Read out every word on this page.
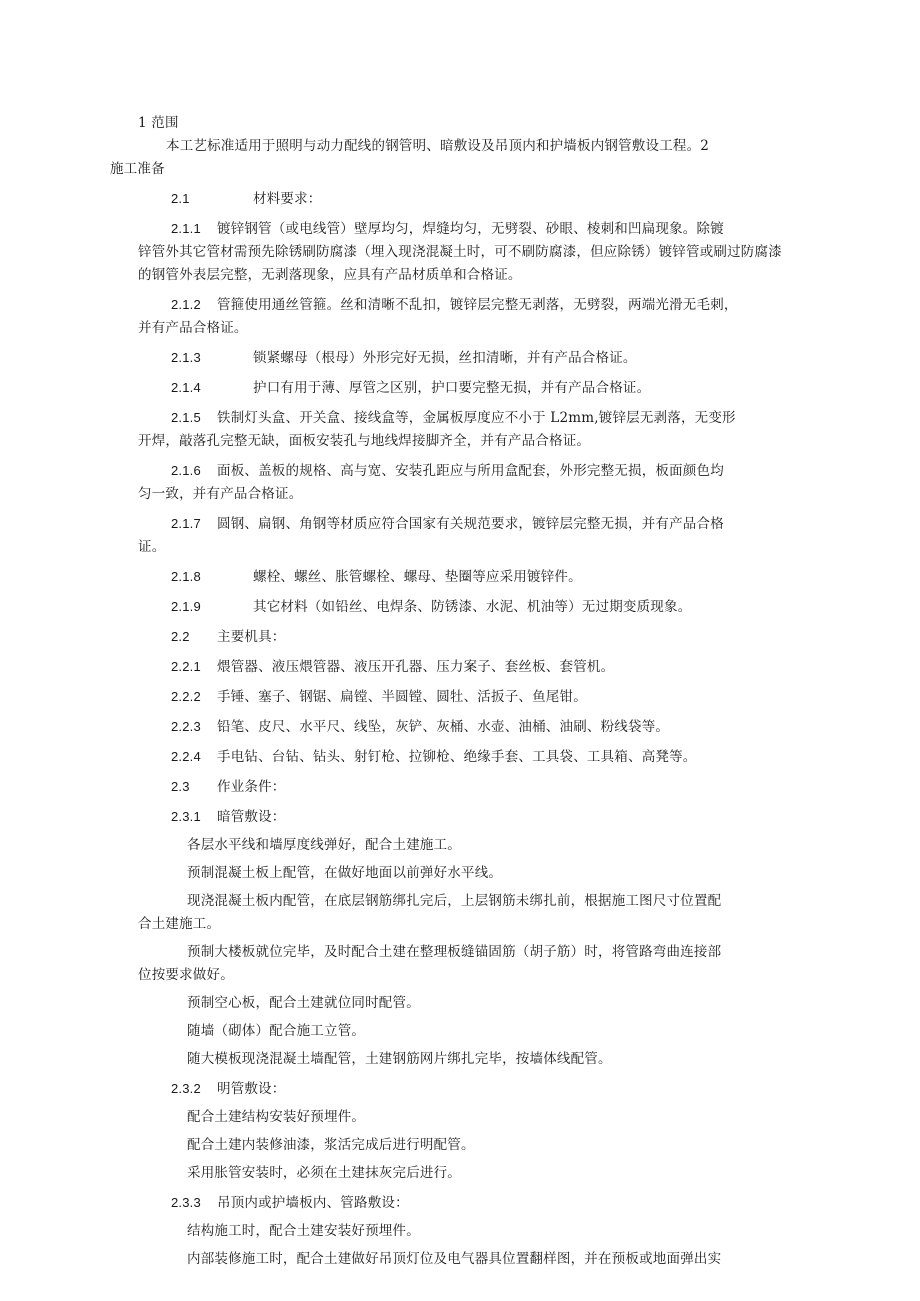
1 范围
本工艺标准适用于照明与动力配线的钢管明、暗敷设及吊顶内和护墙板内钢管敷设工程。2
施工准备
2.1	材料要求：
2.1.1 镀锌钢管（或电线管）壁厚均匀，焊缝均匀，无劈裂、砂眼、棱刺和凹扁现象。除镀
锌管外其它管材需预先除锈刷防腐漆（埋入现浇混凝土时，可不刷防腐漆，但应除锈）镀锌管或刷过防腐漆的钢管外表层完整，无剥落现象，应具有产品材质单和合格证。
2.1.2 管箍使用通丝管箍。丝和清晰不乱扣，镀锌层完整无剥落，无劈裂，两端光滑无毛刺，
并有产品合格证。
2.1.3	锁紧螺母（根母）外形完好无损，丝扣清晰，并有产品合格证。
2.1.4	护口有用于薄、厚管之区别，护口要完整无损，并有产品合格证。
2.1.5 铁制灯头盒、开关盒、接线盒等，金属板厚度应不小于 L2mm,镀锌层无剥落，无变形
开焊，敲落孔完整无缺，面板安装孔与地线焊接脚齐全，并有产品合格证。
2.1.6 面板、盖板的规格、高与宽、安装孔距应与所用盒配套，外形完整无损，板面颜色均
匀一致，并有产品合格证。
2.1.7 圆钢、扁钢、角钢等材质应符合国家有关规范要求，镀锌层完整无损，并有产品合格
证。
2.1.8	螺栓、螺丝、胀管螺栓、螺母、垫圈等应采用镀锌件。
2.1.9	其它材料（如铅丝、电焊条、防锈漆、水泥、机油等）无过期变质现象。
2.2 主要机具：
2.2.1 煨管器、液压煨管器、液压开孔器、压力案子、套丝板、套管机。
2.2.2 手锤、塞子、钢锯、扁镗、半圆镗、圆牡、活扳子、鱼尾钳。
2.2.3 铅笔、皮尺、水平尺、线坠，灰铲、灰桶、水壶、油桶、油刷、粉线袋等。
2.2.4 手电钻、台钻、钻头、射钉枪、拉铆枪、绝缘手套、工具袋、工具箱、高凳等。
2.3 作业条件：
2.3.1 暗管敷设：
各层水平线和墙厚度线弹好，配合土建施工。
预制混凝土板上配管，在做好地面以前弹好水平线。
现浇混凝土板内配管，在底层钢筋绑扎完后，上层钢筋未绑扎前，根据施工图尺寸位置配
合土建施工。
预制大楼板就位完毕，及时配合土建在整理板缝锚固筋（胡子筋）时，将管路弯曲连接部
位按要求做好。
预制空心板，配合土建就位同时配管。
随墙（砌体）配合施工立管。
随大模板现浇混凝土墙配管，土建钢筋网片绑扎完毕，按墙体线配管。
2.3.2 明管敷设：
配合土建结构安装好预埋件。
配合土建内装修油漆，浆活完成后进行明配管。
采用胀管安装时，必须在土建抹灰完后进行。
2.3.3 吊顶内或护墙板内、管路敷设：
结构施工时，配合土建安装好预埋件。
内部装修施工时，配合土建做好吊顶灯位及电气器具位置翻样图，并在预板或地面弹出实
